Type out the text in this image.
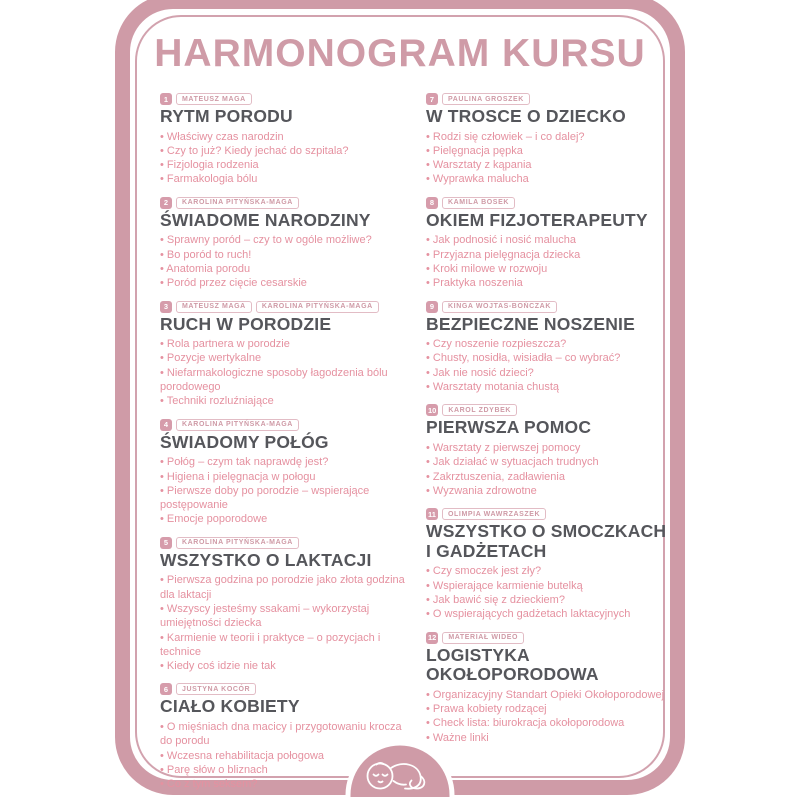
HARMONOGRAM KURSU
1	MATEUSZ MAGA
RYTM PORODU
• Właściwy czas narodzin
• Czy to już? Kiedy jechać do szpitala?
• Fizjologia rodzenia
• Farmakologia bólu
2	KAROLINA PITYŃSKA-MAGA
ŚWIADOME NARODZINY
• Sprawny poród – czy to w ogóle możliwe?
• Bo poród to ruch!
• Anatomia porodu
• Poród przez cięcie cesarskie
3	MATEUSZ MAGA	KAROLINA PITYŃSKA-MAGA
RUCH W PORODZIE
• Rola partnera w porodzie
• Pozycje wertykalne
• Niefarmakologiczne sposoby łagodzenia bólu porodowego
• Techniki rozluźniające
4	KAROLINA PITYŃSKA-MAGA
ŚWIADOMY POŁÓG
• Połóg – czym tak naprawdę jest?
• Higiena i pielęgnacja w połogu
• Pierwsze doby po porodzie – wspierające postępowanie
• Emocje poporodowe
5	KAROLINA PITYŃSKA-MAGA
WSZYSTKO O LAKTACJI
• Pierwsza godzina po porodzie jako złota godzina dla laktacji
• Wszyscy jesteśmy ssakami – wykorzystaj umiejętności dziecka
• Karmienie w teorii i praktyce – o pozycjach i technice
• Kiedy coś idzie nie tak
6	JUSTYNA KOCÓR
CIAŁO KOBIETY
• O mięśniach dna macicy i przygotowaniu krocza do porodu
• Wczesna rehabilitacja połogowa
• Parę słów o bliznach
• Co z tym seksem?
7	PAULINA GROSZEK
W TROSCE O DZIECKO
• Rodzi się człowiek – i co dalej?
• Pielęgnacja pępka
• Warsztaty z kąpania
• Wyprawka malucha
8	KAMILA BOSEK
OKIEM FIZJOTERAPEUTY
• Jak podnosić i nosić malucha
• Przyjazna pielęgnacja dziecka
• Kroki milowe w rozwoju
• Praktyka noszenia
9	KINGA WOJTAS-BOŃCZAK
BEZPIECZNE NOSZENIE
• Czy noszenie rozpieszcza?
• Chusty, nosidła, wisiadła – co wybrać?
• Jak nie nosić dzieci?
• Warsztaty motania chustą
10	KAROL ZDYBEK
PIERWSZA POMOC
• Warsztaty z pierwszej pomocy
• Jak działać w sytuacjach trudnych
• Zakrztuszenia, zadławienia
• Wyzwania zdrowotne
11	OLIMPIA WAWRZASZEK
WSZYSTKO O SMOCZKACH I GADŻETACH
• Czy smoczek jest zły?
• Wspierające karmienie butelką
• Jak bawić się z dzieckiem?
• O wspierających gadżetach laktacyjnych
12	MATERIAŁ WIDEO
LOGISTYKA OKOŁOPORODOWA
• Organizacyjny Standart Opieki Okołoporodowej
• Prawa kobiety rodzącej
• Check lista: biurokracja okołoporodowa
• Ważne linki
